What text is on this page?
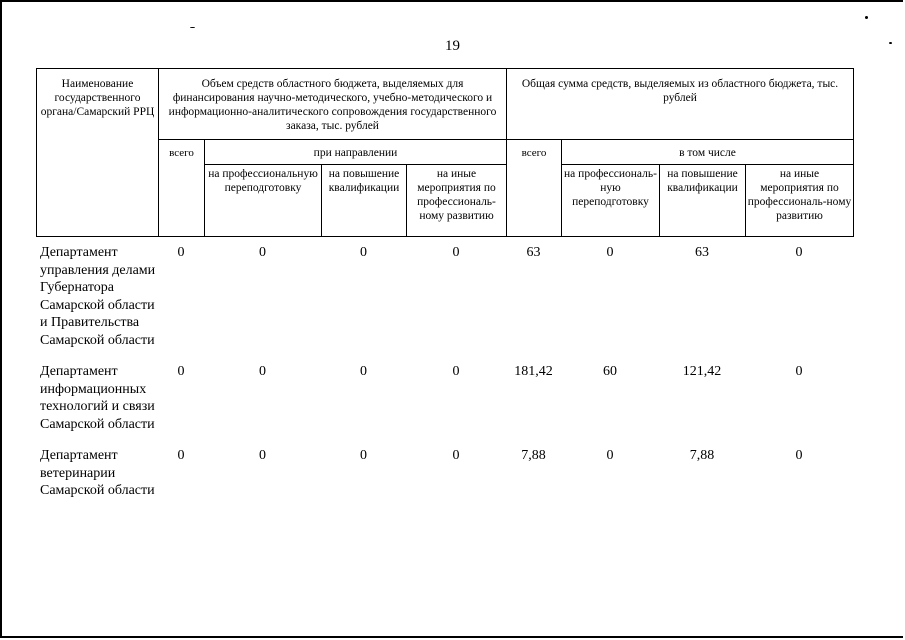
19
Наименование государственного органа/Самарский РРЦ	Объем средств областного бюджета, выделяемых для финансирования научно-методического, учебно-методического и информационно-аналитического сопровождения государственного заказа, тыс. рублей				Общая сумма средств, выделяемых из областного бюджета, тыс. рублей			
	всего	при направлении			всего	в том числе		
		на профессиональную переподготовку	на повышение квалификации	на иные мероприятия по профессиональ-ному развитию		на профессиональ-ную переподготовку	на повышение квалификации	на иные мероприятия по профессиональ-ному развитию
Департамент управления делами Губернатора Самарской области и Правительства Самарской области	0	0	0	0	63	0	63	0
Департамент информационных технологий и связи Самарской области	0	0	0	0	181,42	60	121,42	0
Департамент ветеринарии Самарской области	0	0	0	0	7,88	0	7,88	0
